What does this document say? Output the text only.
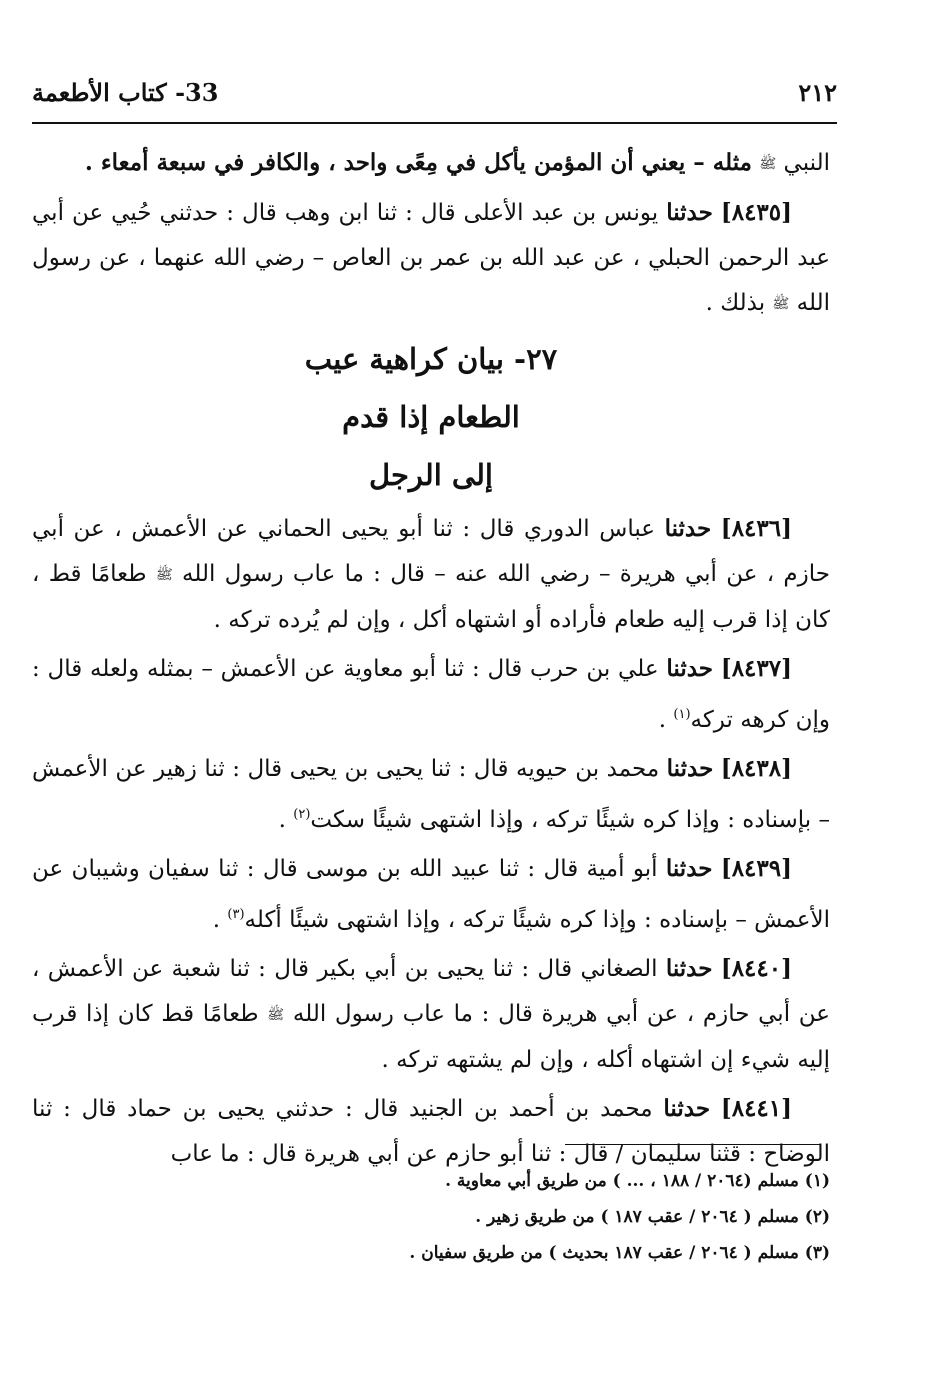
33- كتاب الأطعمة	٢١٢

النبي ﷺ مثله – يعني أن المؤمن يأكل في مِعًى واحد ، والكافر في سبعة أمعاء .

[٨٤٣٥] حدثنا يونس بن عبد الأعلى قال : ثنا ابن وهب قال : حدثني حُيي عن أبي عبد الرحمن الحبلي ، عن عبد الله بن عمر بن العاص – رضي الله عنهما ، عن رسول الله ﷺ بذلك .

٢٧- بيان كراهية عيب
الطعام إذا قدم
إلى الرجل

[٨٤٣٦] حدثنا عباس الدوري قال : ثنا أبو يحيى الحماني عن الأعمش ، عن أبي حازم ، عن أبي هريرة – رضي الله عنه – قال : ما عاب رسول الله ﷺ طعامًا قط ، كان إذا قرب إليه طعام فأراده أو اشتهاه أكل ، وإن لم يُرده تركه .

[٨٤٣٧] حدثنا علي بن حرب قال : ثنا أبو معاوية عن الأعمش – بمثله ولعله قال : وإن كرهه تركه$^{(١)}$ .

[٨٤٣٨] حدثنا محمد بن حيويه قال : ثنا يحيى بن يحيى قال : ثنا زهير عن الأعمش – بإسناده : وإذا كره شيئًا تركه ، وإذا اشتهى شيئًا سكت$^{(٢)}$ .

[٨٤٣٩] حدثنا أبو أمية قال : ثنا عبيد الله بن موسى قال : ثنا سفيان وشيبان عن الأعمش – بإسناده : وإذا كره شيئًا تركه ، وإذا اشتهى شيئًا أكله$^{(٣)}$ .

[٨٤٤٠] حدثنا الصغاني قال : ثنا يحيى بن أبي بكير قال : ثنا شعبة عن الأعمش ، عن أبي حازم ، عن أبي هريرة قال : ما عاب رسول الله ﷺ طعامًا قط كان إذا قرب إليه شيء إن اشتهاه أكله ، وإن لم يشتهه تركه .

[٨٤٤١] حدثنا محمد بن أحمد بن الجنيد قال : حدثني يحيى بن حماد قال : ثنا الوضاح : قثنا سليمان / قال : ثنا أبو حازم عن أبي هريرة قال : ما عاب

(١) مسلم (٢٠٦٤ / ١٨٨ ، ... ) من طريق أبي معاوية .
(٢) مسلم ( ٢٠٦٤ / عقب ١٨٧ ) من طريق زهير .
(٣) مسلم ( ٢٠٦٤ / عقب ١٨٧ بحديث ) من طريق سفيان .
